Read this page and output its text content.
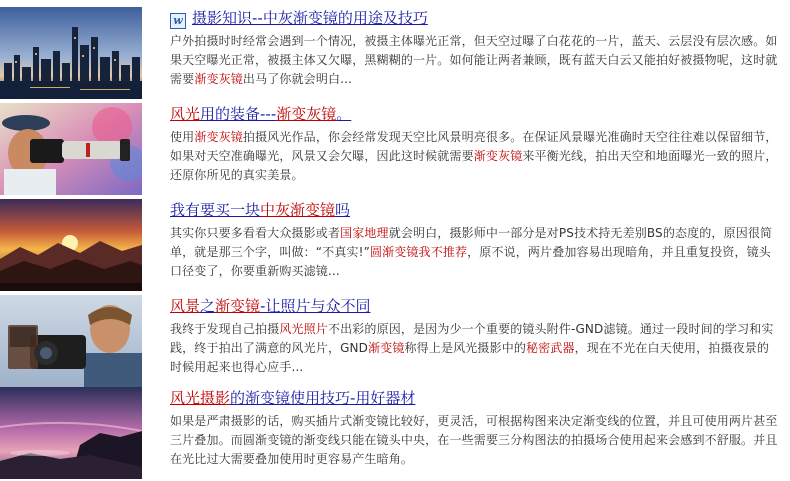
w 摄影知识--中灰渐变镜的用途及技巧

户外拍摄时时经常会遇到一个情况，被摄主体曝光正常，但天空过曝了白花花的一片，蓝天、云层没有层次感。如果天空曝光正常，被摄主体又欠曝，黑糊糊的一片。如何能让两者兼顾，既有蓝天白云又能拍好被摄物呢，这时就需要渐变灰镜出马了你就会明白...

风光用的装备---渐变灰镜。

使用渐变灰镜拍摄风光作品，你会经常发现天空比风景明亮很多。在保证风景曝光准确时天空往往难以保留细节，如果对天空准确曝光，风景又会欠曝，因此这时候就需要渐变灰镜来平衡光线，拍出天空和地面曝光一致的照片，还原你所见的真实美景。

我有要买一块中灰渐变镜吗

其实你只要多看看大众摄影或者国家地理就会明白，摄影师中一部分是对PS技术持无差别BS的态度的，原因很简单，就是那三个字，叫做：“不真实!”圆渐变镜我不推荐，原不说，两片叠加容易出现暗角，并且重复投资，镜头口径变了，你要重新购买滤镜...

风景之渐变镜-让照片与众不同

我终于发现自己拍摄风光照片不出彩的原因，是因为少一个重要的镜头附件-GND滤镜。通过一段时间的学习和实践，终于拍出了满意的风光片，GND渐变镜称得上是风光摄影中的秘密武器，现在不光在白天使用，拍摄夜景的时候用起来也得心应手...

风光摄影的渐变镜使用技巧-用好器材

如果是严肃摄影的话，购买插片式渐变镜比较好，更灵活，可根据构图来决定渐变线的位置，并且可使用两片甚至三片叠加。而圆渐变镜的渐变线只能在镜头中央，在一些需要三分构图法的拍摄场合使用起来会感到不舒服。并且在光比过大需要叠加使用时更容易产生暗角。
